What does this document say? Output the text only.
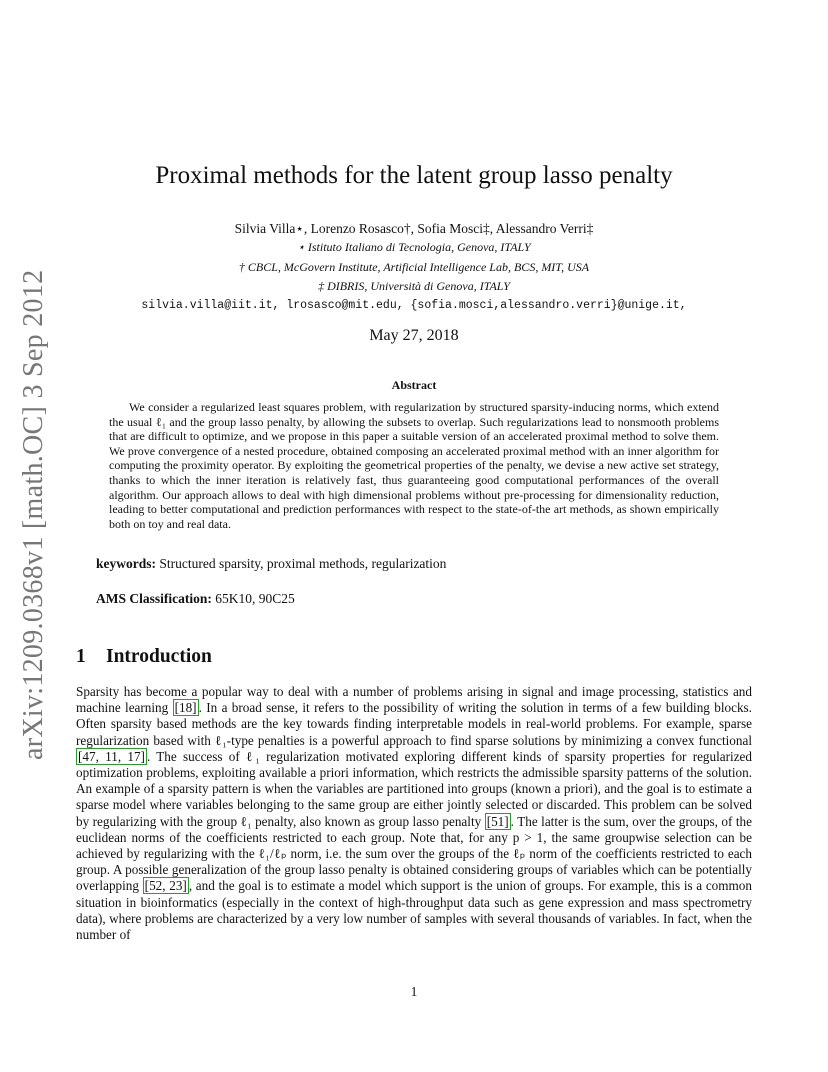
arXiv:1209.0368v1 [math.OC] 3 Sep 2012
Proximal methods for the latent group lasso penalty
Silvia Villa⋆, Lorenzo Rosasco†, Sofia Mosci‡, Alessandro Verri‡
⋆ Istituto Italiano di Tecnologia, Genova, ITALY
† CBCL, McGovern Institute, Artificial Intelligence Lab, BCS, MIT, USA
‡ DIBRIS, Università di Genova, ITALY
silvia.villa@iit.it, lrosasco@mit.edu, {sofia.mosci,alessandro.verri}@unige.it,
May 27, 2018
Abstract

We consider a regularized least squares problem, with regularization by structured sparsity-inducing norms, which extend the usual ℓ₁ and the group lasso penalty, by allowing the subsets to overlap. Such regularizations lead to nonsmooth problems that are difficult to optimize, and we propose in this paper a suitable version of an accelerated proximal method to solve them. We prove convergence of a nested procedure, obtained composing an accelerated proximal method with an inner algorithm for computing the proximity operator. By exploiting the geometrical properties of the penalty, we devise a new active set strategy, thanks to which the inner iteration is relatively fast, thus guaranteeing good computational performances of the overall algorithm. Our approach allows to deal with high dimensional problems without pre-processing for dimensionality reduction, leading to better computational and prediction performances with respect to the state-of-the art methods, as shown empirically both on toy and real data.

keywords: Structured sparsity, proximal methods, regularization
AMS Classification: 65K10, 90C25
1 Introduction

Sparsity has become a popular way to deal with a number of problems arising in signal and image processing, statistics and machine learning [18] . In a broad sense, it refers to the possibility of writing the solution in terms of a few building blocks. Often sparsity based methods are the key towards finding interpretable models in real-world problems. For example, sparse regularization based with ℓ₁-type penalties is a powerful approach to find sparse solutions by minimizing a convex functional [47, 11, 17] . The success of ℓ₁ regularization motivated exploring different kinds of sparsity properties for regularized optimization problems, exploiting available a priori information, which restricts the admissible sparsity patterns of the solution. An example of a sparsity pattern is when the variables are partitioned into groups (known a priori), and the goal is to estimate a sparse model where variables belonging to the same group are either jointly selected or discarded. This problem can be solved by regularizing with the group ℓ₁ penalty, also known as group lasso penalty [51] . The latter is the sum, over the groups, of the euclidean norms of the coefficients restricted to each group. Note that, for any p > 1, the same groupwise selection can be achieved by regularizing with the ℓ₁/ℓₚ norm, i.e. the sum over the groups of the ℓₚ norm of the coefficients restricted to each group. A possible generalization of the group lasso penalty is obtained considering groups of variables which can be potentially overlapping [52, 23] , and the goal is to estimate a model which support is the union of groups. For example, this is a common situation in bioinformatics (especially in the context of high-throughput data such as gene expression and mass spectrometry data), where problems are characterized by a very low number of samples with several thousands of variables. In fact, when the number of

1
